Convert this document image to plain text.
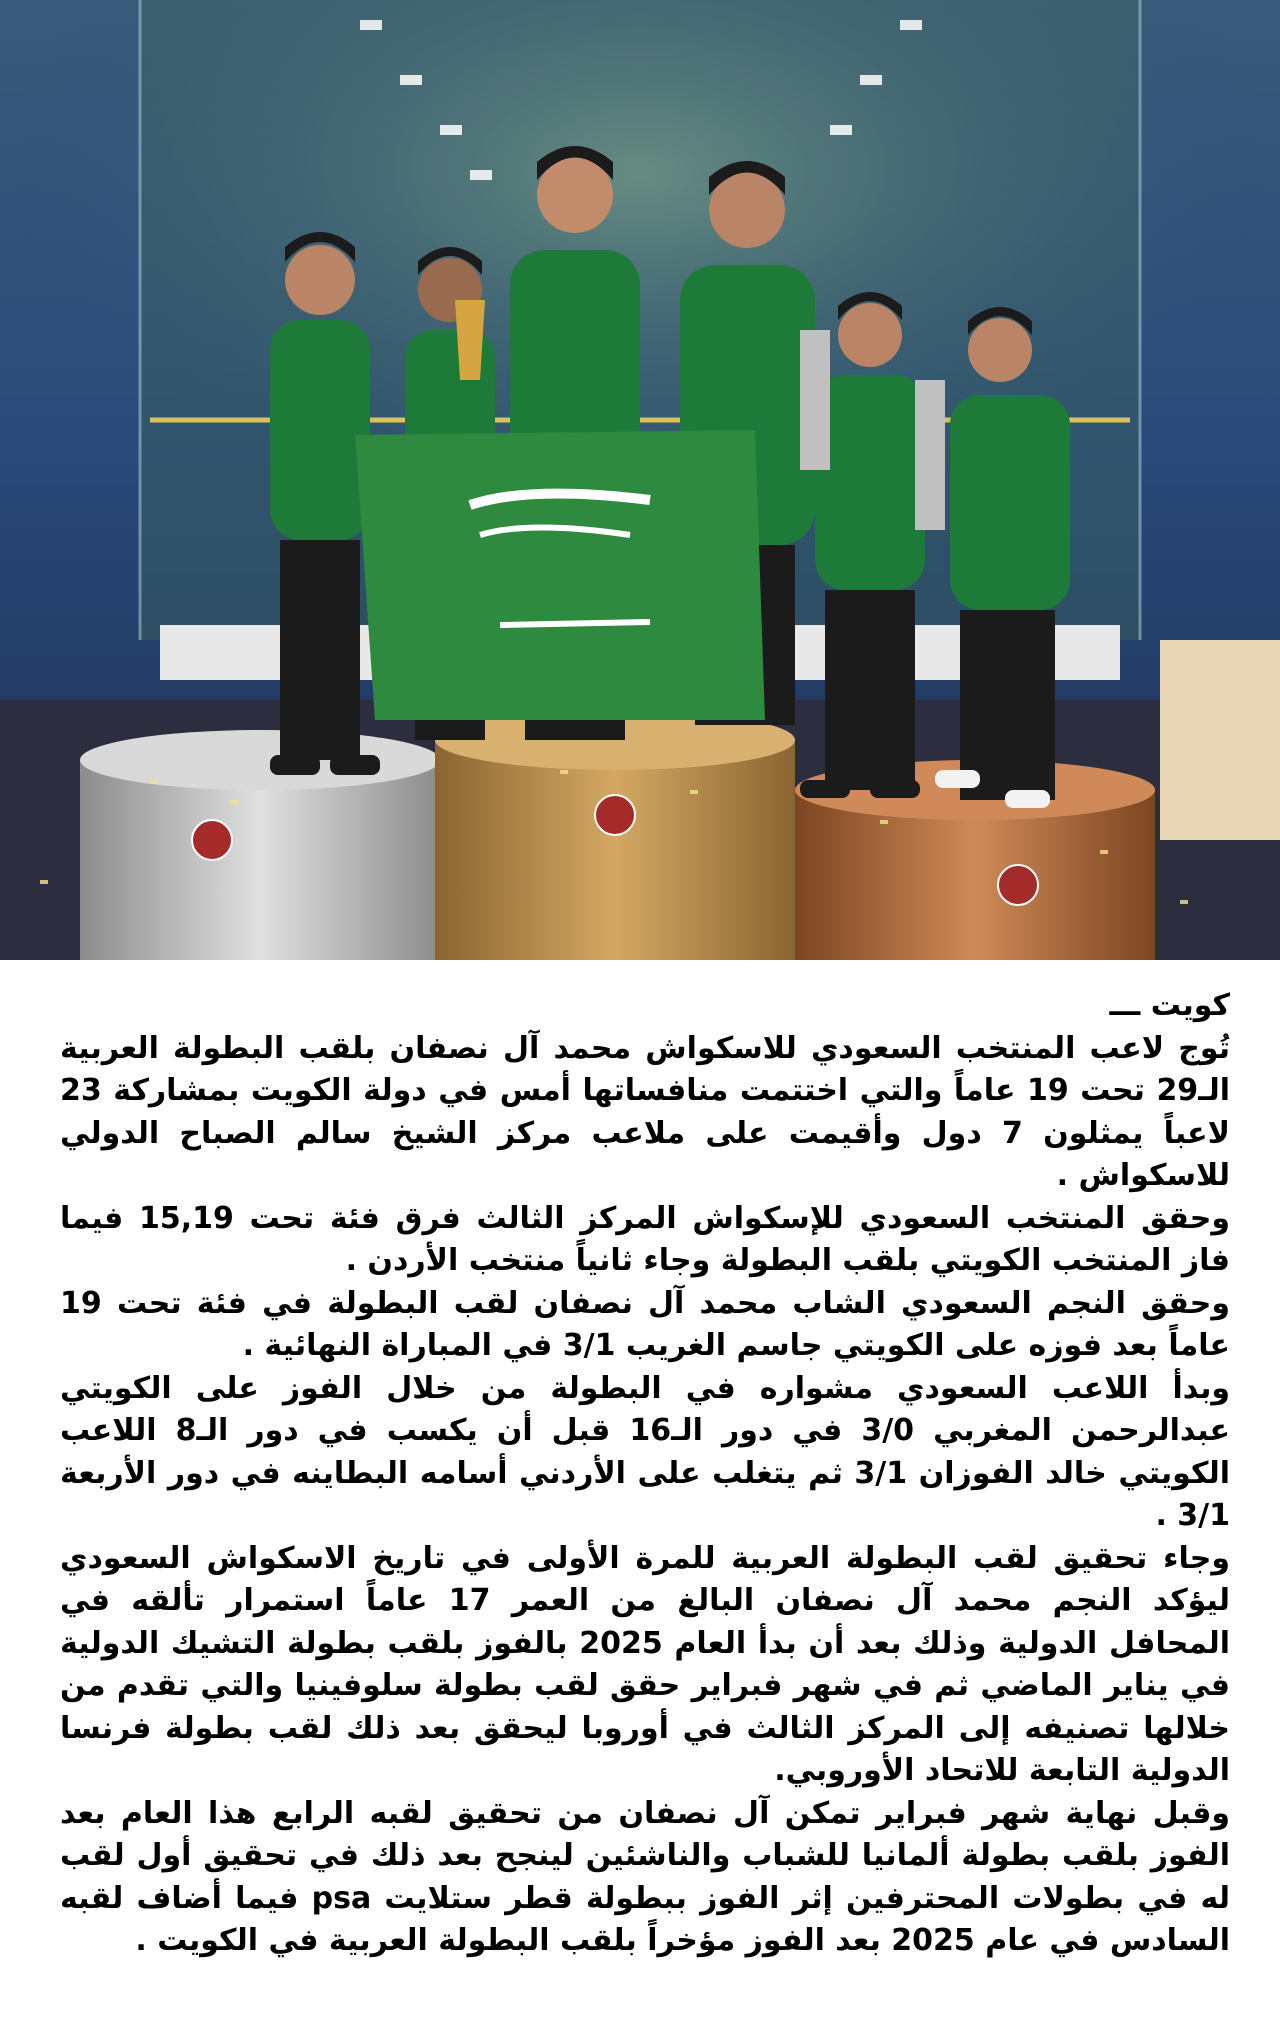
كويت ـــ

تُوج لاعب المنتخب السعودي للاسكواش محمد آل نصفان بلقب البطولة العربية الـ29 تحت 19 عاماً والتي اختتمت منافساتها أمس في دولة الكويت بمشاركة 23 لاعباً يمثلون 7 دول وأقيمت على ملاعب مركز الشيخ سالم الصباح الدولي للاسكواش .

وحقق المنتخب السعودي للإسكواش المركز الثالث فرق فئة تحت 15,19 فيما فاز المنتخب الكويتي بلقب البطولة وجاء ثانياً منتخب الأردن .

وحقق النجم السعودي الشاب محمد آل نصفان لقب البطولة في فئة تحت 19 عاماً بعد فوزه على الكويتي جاسم الغريب 3/1 في المباراة النهائية .

وبدأ اللاعب السعودي مشواره في البطولة من خلال الفوز على الكويتي عبدالرحمن المغربي 3/0 في دور الـ16 قبل أن يكسب في دور الـ8 اللاعب الكويتي خالد الفوزان 3/1 ثم يتغلب على الأردني أسامه البطاينه في دور الأربعة 3/1 .

وجاء تحقيق لقب البطولة العربية للمرة الأولى في تاريخ الاسكواش السعودي ليؤكد النجم محمد آل نصفان البالغ من العمر 17 عاماً استمرار تألقه في المحافل الدولية وذلك بعد أن بدأ العام 2025 بالفوز بلقب بطولة التشيك الدولية في يناير الماضي ثم في شهر فبراير حقق لقب بطولة سلوفينيا والتي تقدم من خلالها تصنيفه إلى المركز الثالث في أوروبا ليحقق بعد ذلك لقب بطولة فرنسا الدولية التابعة للاتحاد الأوروبي.

وقبل نهاية شهر فبراير تمكن آل نصفان من تحقيق لقبه الرابع هذا العام بعد الفوز بلقب بطولة ألمانيا للشباب والناشئين لينجح بعد ذلك في تحقيق أول لقب له في بطولات المحترفين إثر الفوز ببطولة قطر ستلايت psa فيما أضاف لقبه السادس في عام 2025 بعد الفوز مؤخراً بلقب البطولة العربية في الكويت .
